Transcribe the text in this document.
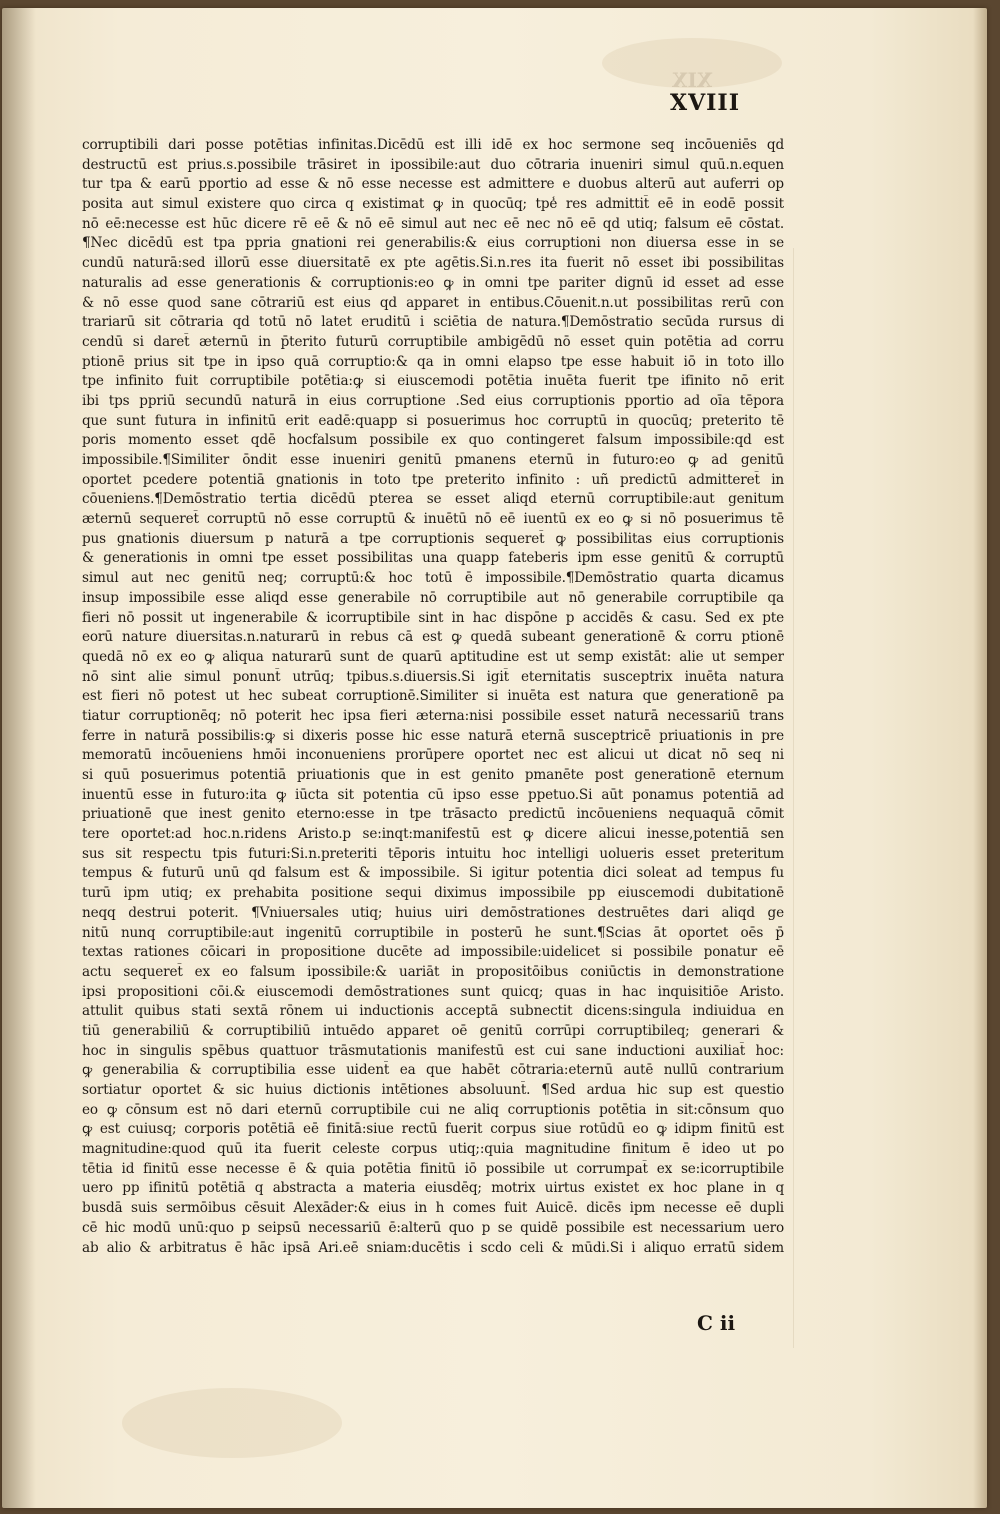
XIX
XVIII
corruptibili dari posse potētias infinitas.Dicēdū est illi idē ex hoc sermone seq incōueniēs qd
destructū est prius.s.possibile trāsiret in ipossibile:aut duo cōtraria inueniri simul quū.n.equen
tur tpa & earū pportio ad esse & nō esse necesse est admittere e duobus alterū aut auferri op
posita aut simul existere quo circa q existimat ꝙ in quocūq; tpe̾ res admittit̄ eē in eodē possit
nō eē:necesse est hūc dicere rē eē & nō eē simul aut nec eē nec nō eē qd utiq; falsum eē cōstat.
¶Nec dicēdū est tpa ppria gnationi rei generabilis:& eius corruptioni non diuersa esse in se
cundū naturā:sed illorū esse diuersitatē ex pte agētis.Si.n.res ita fuerit nō esset ibi possibilitas
naturalis ad esse generationis & corruptionis:eo ꝙ in omni tpe pariter dignū id esset ad esse
& nō esse quod sane cōtrariū est eius qd apparet in entibus.Cōuenit.n.ut possibilitas rerū con
trariarū sit cōtraria qd totū nō latet eruditū i sciētia de natura.¶Demōstratio secūda rursus di
cendū si daret̄ æternū in p̄terito futurū corruptibile ambigēdū nō esset quin potētia ad corru
ptionē prius sit tpe in ipso quā corruptio:& qa in omni elapso tpe esse habuit iō in toto illo
tpe infinito fuit corruptibile potētia:ꝙ si eiuscemodi potētia inuēta fuerit tpe ifinito nō erit
ibi tps ppriū secundū naturā in eius corruptione .Sed eius corruptionis pportio ad oīa tēpora
que sunt futura in infinitū erit eadē:quapp si posuerimus hoc corruptū in quocūq; preterito tē
poris momento esset qdē hocfalsum possibile ex quo contingeret falsum impossibile:qd est
impossibile.¶Similiter ōndit esse inueniri genitū pmanens eternū in futuro:eo ꝙ ad genitū
oportet pcedere potentiā gnationis in toto tpe preterito infinito : uñ predictū admitteret̄ in
cōueniens.¶Demōstratio tertia dicēdū pterea se esset aliqd eternū corruptibile:aut genitum
æternū sequeret̄ corruptū nō esse corruptū & inuētū nō eē iuentū ex eo ꝙ si nō posuerimus tē
pus gnationis diuersum p naturā a tpe corruptionis sequeret̄ ꝙ possibilitas eius corruptionis
& generationis in omni tpe esset possibilitas una quapp fateberis ipm esse genitū & corruptū
simul aut nec genitū neq; corruptū:& hoc totū ē impossibile.¶Demōstratio quarta dicamus
insup impossibile esse aliqd esse generabile nō corruptibile aut nō generabile corruptibile qa
fieri nō possit ut ingenerabile & icorruptibile sint in hac dispōne p accidēs & casu. Sed ex pte
eorū nature diuersitas.n.naturarū in rebus cā est ꝙ quedā subeant generationē & corru ptionē
quedā nō ex eo ꝙ aliqua naturarū sunt de quarū aptitudine est ut semp existāt: alie ut semper
nō sint alie simul ponunt̄ utrūq; tpibus.s.diuersis.Si igit̄ eternitatis susceptrix inuēta natura
est fieri nō potest ut hec subeat corruptionē.Similiter si inuēta est natura que generationē pa
tiatur corruptionēq; nō poterit hec ipsa fieri æterna:nisi possibile esset naturā necessariū trans
ferre in naturā possibilis:ꝙ si dixeris posse hic esse naturā eternā susceptricē priuationis in pre
memoratū incōueniens hmōi inconueniens prorūpere oportet nec est alicui ut dicat nō seq ni
si quū posuerimus potentiā priuationis que in est genito pmanēte post generationē eternum
inuentū esse in futuro:ita ꝙ iūcta sit potentia cū ipso esse ppetuo.Si aūt ponamus potentiā ad
priuationē que inest genito eterno:esse in tpe trāsacto predictū incōueniens nequaquā cōmit
tere oportet:ad hoc.n.ridens Aristo.p se:inqt:manifestū est ꝙ dicere alicui inesse,potentiā sen
sus sit respectu tpis futuri:Si.n.preteriti tēporis intuitu hoc intelligi uolueris esset preteritum
tempus & futurū unū qd falsum est & impossibile. Si igitur potentia dici soleat ad tempus fu
turū ipm utiq; ex prehabita positione sequi diximus impossibile pp eiuscemodi dubitationē
neqq destrui poterit. ¶Vniuersales utiq; huius uiri demōstrationes destruētes dari aliqd ge
nitū nunq corruptibile:aut ingenitū corruptibile in posterū he sunt.¶Scias āt oportet oēs p̄
textas rationes cōicari in propositione ducēte ad impossibile:uidelicet si possibile ponatur eē
actu sequeret̄ ex eo falsum ipossibile:& uariāt in propositōibus coniūctis in demonstratione
ipsi propositioni cōi.& eiuscemodi demōstrationes sunt quicq; quas in hac inquisitiōe Aristo.
attulit quibus stati sextā rōnem ui inductionis acceptā subnectit dicens:singula indiuidua en
tiū generabiliū & corruptibiliū intuēdo apparet oē genitū corrūpi corruptibileq; generari &
hoc in singulis spēbus quattuor trāsmutationis manifestū est cui sane inductioni auxiliat̄ hoc:
ꝙ generabilia & corruptibilia esse uident̄ ea que habēt cōtraria:eternū autē nullū contrarium
sortiatur oportet & sic huius dictionis intētiones absoluunt̄. ¶Sed ardua hic sup est questio
eo ꝙ cōnsum est nō dari eternū corruptibile cui ne aliq corruptionis potētia in sit:cōnsum quo
ꝙ est cuiusq; corporis potētiā eē finitā:siue rectū fuerit corpus siue rotūdū eo ꝙ idipm finitū est
magnitudine:quod quū ita fuerit celeste corpus utiq;:quia magnitudine finitum ē ideo ut po
tētia id finitū esse necesse ē & quia potētia finitū iō possibile ut corrumpat̄ ex se:icorruptibile
uero pp ifinitū potētiā q abstracta a materia eiusdēq; motrix uirtus existet ex hoc plane in q
busdā suis sermōibus cēsuit Alexāder:& eius in h comes fuit Auicē. dicēs ipm necesse eē dupli
cē hic modū unū:quo p seipsū necessariū ē:alterū quo p se quidē possibile est necessarium uero
ab alio & arbitratus ē hāc ipsā Ari.eē sniam:ducētis i scdo celi & mūdi.Si i aliquo erratū sidem
C ii
